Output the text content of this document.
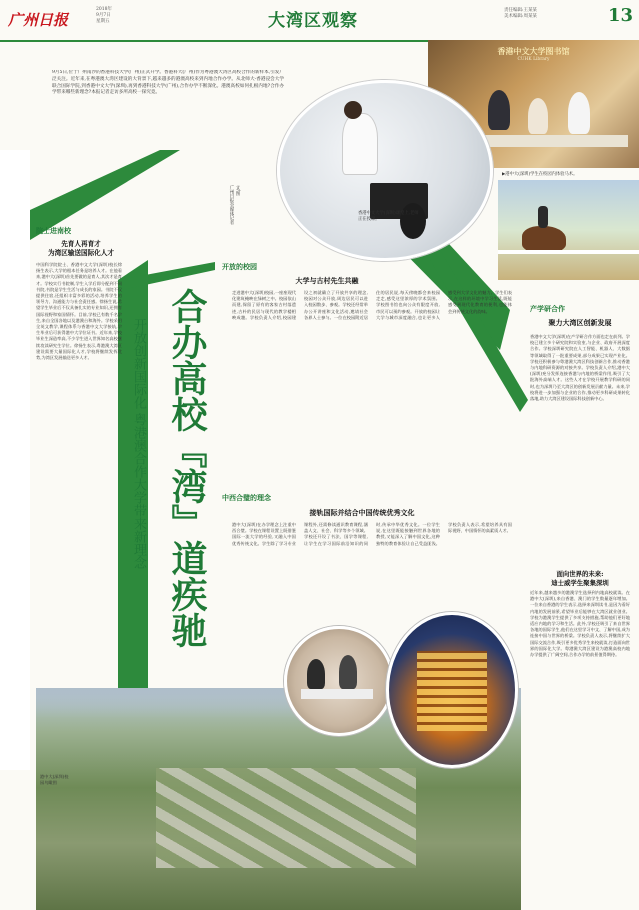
广州日报
2018年
9月7日
星期五	大湾区观察
责任编辑:王某某
美术编辑:周某某	13
香港中文大学图书馆
CUHK Library
▶港中大(深圳)学生在校园内体验马术。
9月5日,位于广州南沙的香港科技大学(广州)正式开学。香港科大(广州)作为粤港澳大湾区高校合作的新样本,引发广泛关注。近年来,在粤港澳大湾区建设的大背景下,越来越多的港澳高校来到内地合作办学。从北师大-香港浸会大学联合国际学院,到香港中文大学(深圳),再到香港科技大学(广州),合作办学不断深化。港澳高校如何扎根内地?合作办学带来哪些新理念?本报记者走访多所高校一探究竟。
香港中文大学(深圳)课堂上,老师正在授课。
文/图
广州日报全媒体记者
合办高校『湾』道疾驰
开放创新国际化 粤港澳合作大学带来新理念
院士进南校
先育人再育才
为湾区输送国际化人才
中国科学院院士、香港中文大学(深圳)校长徐扬生表示,大学的根本任务是培养人才。在他看来,港中大(深圳)首先要做的是育人,其次才是育才。学校实行书院制,学生入学后即分配到不同书院,书院是学生生活与成长的家园。书院不仅提供住宿,还组织丰富多彩的活动,培养学生的领导力、沟通能力与社会责任感。徐扬生说,希望学生毕业后不仅具备扎实的专业知识,还拥有国际视野和家国情怀。目前,学校已有数千名学生,来自全国各地以及港澳台和海外。学校采用全英文教学,课程体系与香港中文大学接轨,学生毕业后可获得港中大学位证书。近年来,学校毕业生深造率高,不少学生进入世界知名高校继续攻读研究生学位。徐扬生表示,粤港澳大湾区建设需要大量国际化人才,学校将继续发挥优势,为湾区发展输送更多人才。
开放的校园
大学与古村先生共融
走进港中大(深圳)校园,一座座现代化建筑掩映在绿树之中。校园依山而建,保留了原有的客家古村落遗迹,古朴的民居与现代的教学楼相映成趣。学校负责人介绍,校园建设之初就确立了开放共享的理念,校园对公众开放,周边居民可以进入校园散步、参观。学校还经常举办公开讲座和文化活动,邀请社会各界人士参与。一位在校园附近居住的居民说,每天傍晚都会来校园走走,感受这里浓厚的学术氛围。学校图书馆也向公众有限度开放,市民可以预约参观。开放的校园让大学与城市深度融合,也让更多人感受到大学文化的魅力。学生们表示,在这样的环境中学习生活,既能感受到现代化教育的便利,也能体会到传统文化的韵味。
中西合璧的理念
接轨国际并结合中国传统优秀文化
港中大(深圳)在办学理念上注重中西合璧。学校在课程设置上既借鉴国际一流大学的经验,又融入中国优秀传统文化。学生除了学习专业课程外,还需修读通识教育课程,涵盖人文、社会、科学等多个领域。学校还开设了书法、国学等课程,让学生在学习国际前沿知识的同时,传承中华优秀文化。一位学生说,在这里既能接触到世界各地的教授,又能深入了解中国文化,这种独特的教育体验让自己受益匪浅。学校负责人表示,希望培养具有国际视野、中国情怀的高素质人才。
产学研合作
聚力大湾区创新发展
香港中文大学(深圳)在产学研合作方面也走在前列。学校已建立多个研究院和实验室,与企业、政府开展深度合作。学校深圳研究院在人工智能、机器人、大数据等领域取得了一批重要成果,部分成果已实现产业化。学校还积极参与粤港澳大湾区科技创新合作,推动香港与内地科研资源的对接共享。学校负责人介绍,港中大(深圳)充分发挥连接香港与内地的桥梁作用,吸引了大批海外高端人才。这些人才在学校开展教学科研的同时,也为深圳乃至大湾区的创新发展贡献力量。未来,学校将进一步加强与企业的合作,推动更多科研成果转化落地,助力大湾区建设国际科技创新中心。
面向世界的未来:
迪士威学生聚集深圳
近年来,越来越多的港澳学生选择到内地高校就读。在港中大(深圳),来自香港、澳门的学生数量逐年增加。一位来自香港的学生表示,选择来深圳读书,是因为看好内地的发展前景,希望毕业后能够在大湾区就业创业。学校为港澳学生提供了多项支持措施,帮助他们更好地适应内地的学习和生活。此外,学校还吸引了来自世界各地的国际学生,他们在这里学习中文、了解中国,成为连接中国与世界的桥梁。学校负责人表示,将继续扩大国际交流合作,吸引更多优秀学生来校就读,打造面向世界的国际化大学。粤港澳大湾区建设为港澳高校内地办学提供了广阔空间,合作办学的前景值得期待。
港中大(深圳)校园鸟瞰图
